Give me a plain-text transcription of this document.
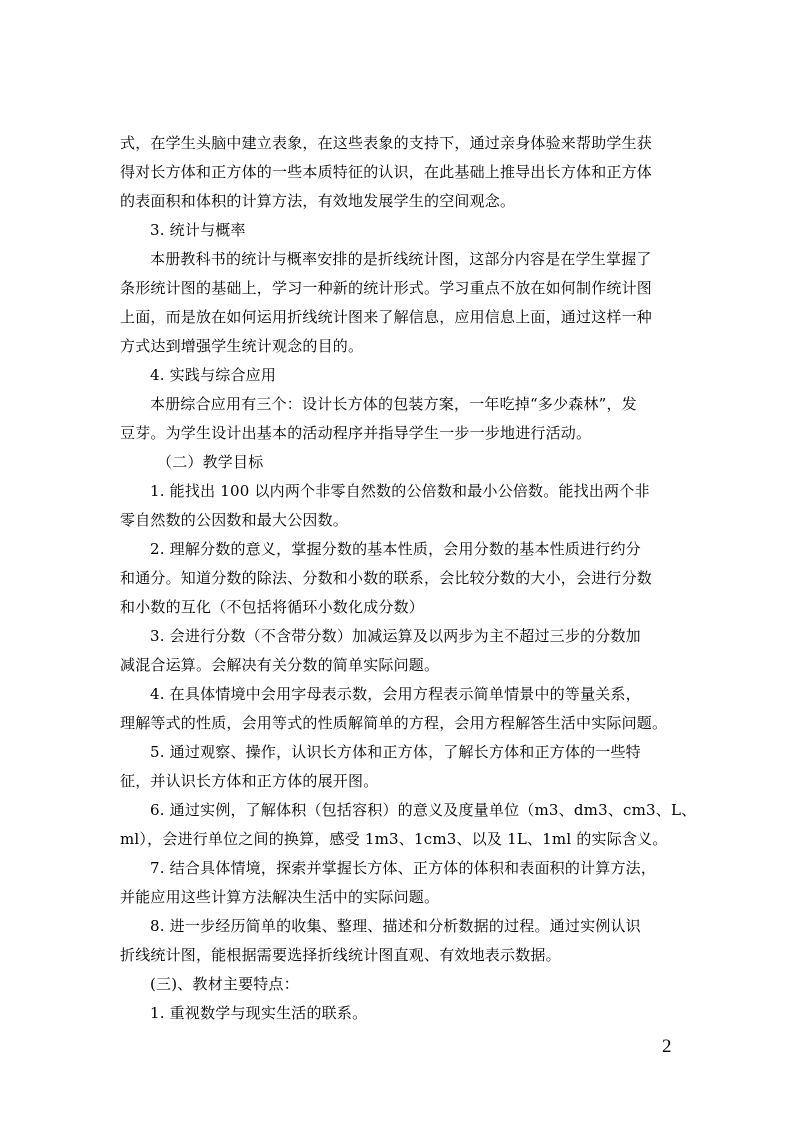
式，在学生头脑中建立表象，在这些表象的支持下，通过亲身体验来帮助学生获
得对长方体和正方体的一些本质特征的认识，在此基础上推导出长方体和正方体
的表面积和体积的计算方法，有效地发展学生的空间观念。
3. 统计与概率
本册教科书的统计与概率安排的是折线统计图，这部分内容是在学生掌握了
条形统计图的基础上，学习一种新的统计形式。学习重点不放在如何制作统计图
上面，而是放在如何运用折线统计图来了解信息，应用信息上面，通过这样一种
方式达到增强学生统计观念的目的。
4. 实践与综合应用
本册综合应用有三个：设计长方体的包装方案，一年吃掉“多少森林”，发
豆芽。为学生设计出基本的活动程序并指导学生一步一步地进行活动。
（二）教学目标
1. 能找出 100 以内两个非零自然数的公倍数和最小公倍数。能找出两个非
零自然数的公因数和最大公因数。
2. 理解分数的意义，掌握分数的基本性质，会用分数的基本性质进行约分
和通分。知道分数的除法、分数和小数的联系，会比较分数的大小，会进行分数
和小数的互化（不包括将循环小数化成分数）
3. 会进行分数（不含带分数）加减运算及以两步为主不超过三步的分数加
减混合运算。会解决有关分数的简单实际问题。
4. 在具体情境中会用字母表示数，会用方程表示简单情景中的等量关系，
理解等式的性质，会用等式的性质解简单的方程，会用方程解答生活中实际问题。
5. 通过观察、操作，认识长方体和正方体，了解长方体和正方体的一些特
征，并认识长方体和正方体的展开图。
6. 通过实例，了解体积（包括容积）的意义及度量单位（m3、dm3、cm3、L、
ml），会进行单位之间的换算，感受 1m3、1cm3、以及 1L、1ml 的实际含义。
7. 结合具体情境，探索并掌握长方体、正方体的体积和表面积的计算方法，
并能应用这些计算方法解决生活中的实际问题。
8. 进一步经历简单的收集、整理、描述和分析数据的过程。通过实例认识
折线统计图，能根据需要选择折线统计图直观、有效地表示数据。
(三)、教材主要特点：
1. 重视数学与现实生活的联系。
2
